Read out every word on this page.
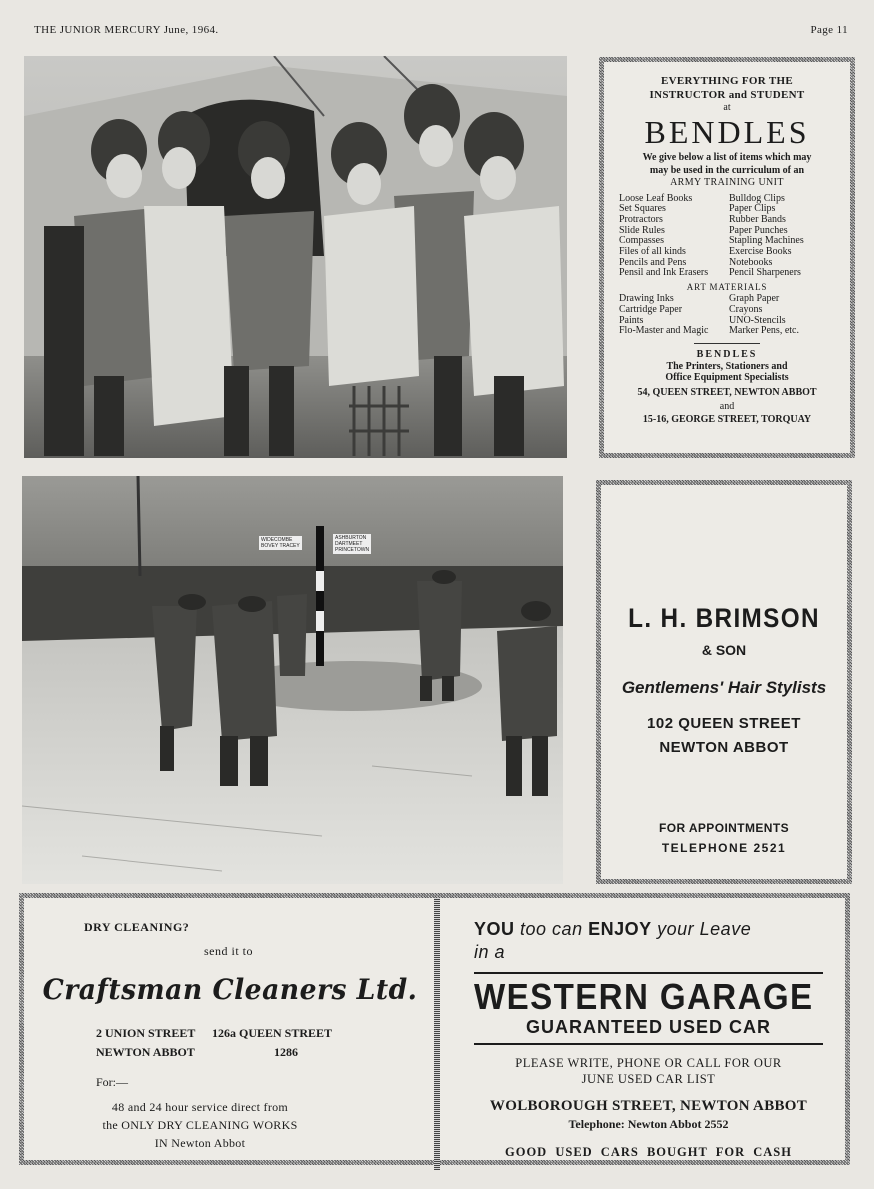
THE JUNIOR MERCURY June, 1964.	Page 11
WIDECOMBE
BOVEY TRACEY
ASHBURTON
DARTMEET
PRINCETOWN
EVERYTHING FOR THE
INSTRUCTOR and STUDENT
at
BENDLES
We give below a list of items which may
may be used in the curriculum of an
ARMY TRAINING UNIT
Loose Leaf Books
Set Squares
Protractors
Slide Rules
Compasses
Files of all kinds
Pencils and Pens
Pensil and Ink Erasers
Bulldog Clips
Paper Clips
Rubber Bands
Paper Punches
Stapling Machines
Exercise Books
Notebooks
Pencil Sharpeners
ART MATERIALS
Drawing Inks
Cartridge Paper
Paints
Flo-Master and Magic
Graph Paper
Crayons
UNO-Stencils
Marker Pens, etc.
BENDLES
The Printers, Stationers and
Office Equipment Specialists
54, QUEEN STREET, NEWTON ABBOT
and
15-16, GEORGE STREET, TORQUAY
L. H. BRIMSON
& SON
Gentlemens' Hair Stylists
102 QUEEN STREET
NEWTON ABBOT
FOR APPOINTMENTS
TELEPHONE 2521
DRY CLEANING?
send it to
Craftsman Cleaners Ltd.
2 UNION STREET
NEWTON ABBOT
126a QUEEN STREET
1286
For:—
48 and 24 hour service direct from
the ONLY DRY CLEANING WORKS
IN Newton Abbot
YOU too can ENJOY your Leave
in a
WESTERN GARAGE
GUARANTEED USED CAR
PLEASE WRITE, PHONE OR CALL FOR OUR
JUNE USED CAR LIST
WOLBOROUGH STREET, NEWTON ABBOT
Telephone: Newton Abbot 2552
GOOD USED CARS BOUGHT FOR CASH
